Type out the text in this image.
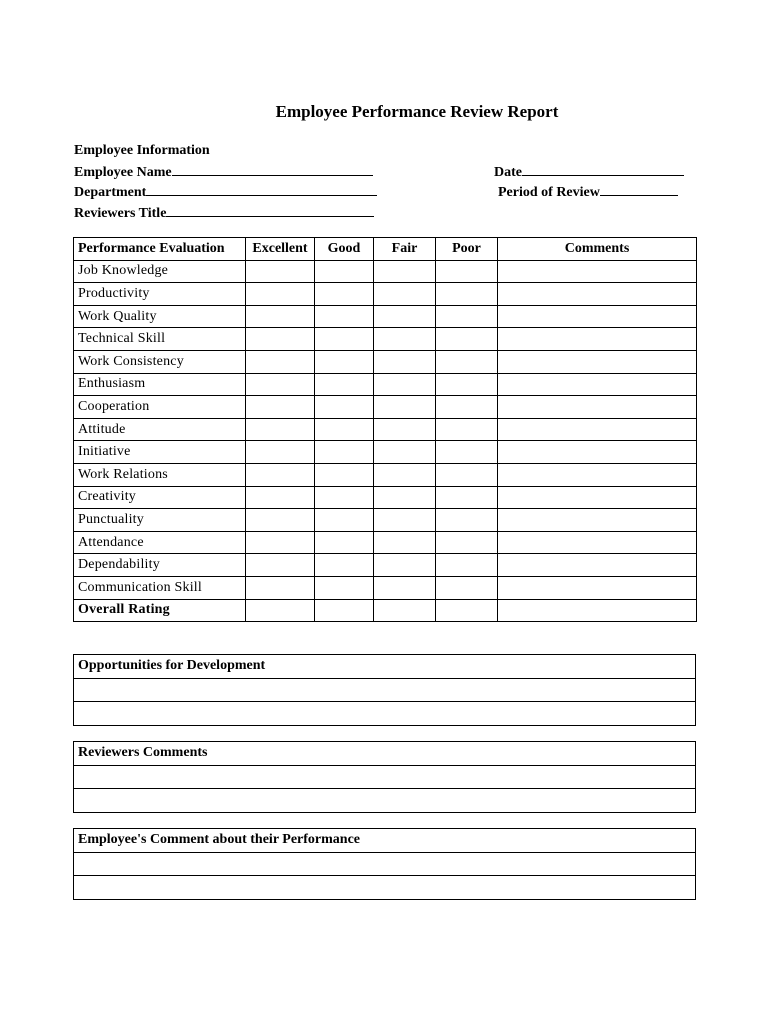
Employee Performance Review Report
Employee Information
Employee Name
Department
Reviewers Title
Date
Period of Review
Performance Evaluation	Excellent	Good	Fair	Poor	Comments
Job Knowledge					
Productivity					
Work Quality					
Technical Skill					
Work Consistency					
Enthusiasm					
Cooperation					
Attitude					
Initiative					
Work Relations					
Creativity					
Punctuality					
Attendance					
Dependability					
Communication Skill					
Overall Rating					
Opportunities for Development

Reviewers Comments

Employee's Comment about their Performance
